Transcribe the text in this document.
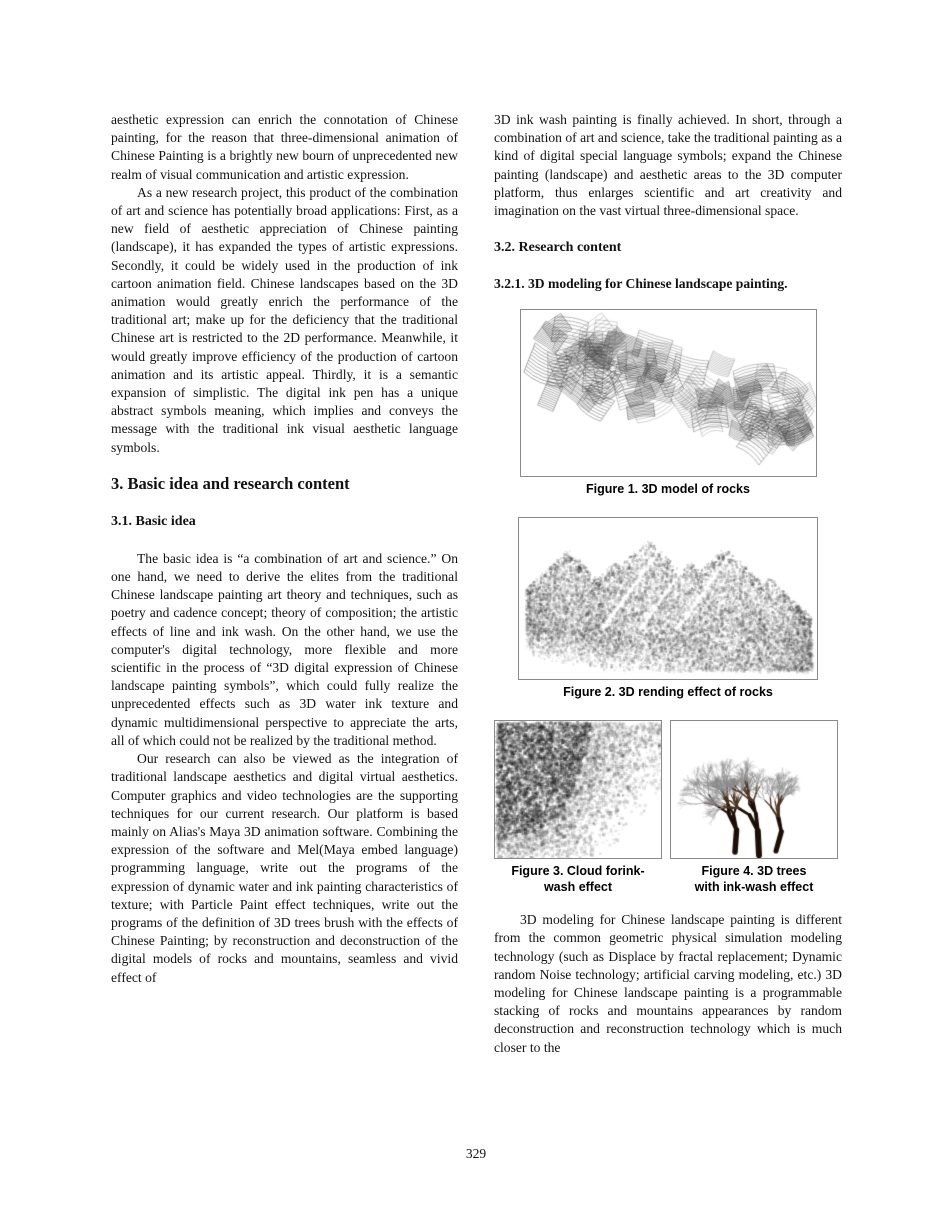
aesthetic expression can enrich the connotation of Chinese painting, for the reason that three-dimensional animation of Chinese Painting is a brightly new bourn of unprecedented new realm of visual communication and artistic expression.

As a new research project, this product of the combination of art and science has potentially broad applications: First, as a new field of aesthetic appreciation of Chinese painting (landscape), it has expanded the types of artistic expressions. Secondly, it could be widely used in the production of ink cartoon animation field. Chinese landscapes based on the 3D animation would greatly enrich the performance of the traditional art; make up for the deficiency that the traditional Chinese art is restricted to the 2D performance. Meanwhile, it would greatly improve efficiency of the production of cartoon animation and its artistic appeal. Thirdly, it is a semantic expansion of simplistic. The digital ink pen has a unique abstract symbols meaning, which implies and conveys the message with the traditional ink visual aesthetic language symbols.

3. Basic idea and research content
3.1. Basic idea

The basic idea is “a combination of art and science.” On one hand, we need to derive the elites from the traditional Chinese landscape painting art theory and techniques, such as poetry and cadence concept; theory of composition; the artistic effects of line and ink wash. On the other hand, we use the computer's digital technology, more flexible and more scientific in the process of “3D digital expression of Chinese landscape painting symbols”, which could fully realize the unprecedented effects such as 3D water ink texture and dynamic multidimensional perspective to appreciate the arts, all of which could not be realized by the traditional method.

Our research can also be viewed as the integration of traditional landscape aesthetics and digital virtual aesthetics. Computer graphics and video technologies are the supporting techniques for our current research. Our platform is based mainly on Alias's Maya 3D animation software. Combining the expression of the software and Mel(Maya embed language) programming language, write out the programs of the expression of dynamic water and ink painting characteristics of texture; with Particle Paint effect techniques, write out the programs of the definition of 3D trees brush with the effects of Chinese Painting; by reconstruction and deconstruction of the digital models of rocks and mountains, seamless and vivid effect of

3D ink wash painting is finally achieved. In short, through a combination of art and science, take the traditional painting as a kind of digital special language symbols; expand the Chinese painting (landscape) and aesthetic areas to the 3D computer platform, thus enlarges scientific and art creativity and imagination on the vast virtual three-dimensional space.

3.2. Research content
3.2.1. 3D modeling for Chinese landscape painting.
Figure 1. 3D model of rocks
Figure 2. 3D rending effect of rocks
Figure 3. Cloud forink-
wash effect
Figure 4. 3D trees
with ink-wash effect

3D modeling for Chinese landscape painting is different from the common geometric physical simulation modeling technology (such as Displace by fractal replacement; Dynamic random Noise technology; artificial carving modeling, etc.) 3D modeling for Chinese landscape painting is a programmable stacking of rocks and mountains appearances by random deconstruction and reconstruction technology which is much closer to the

329
